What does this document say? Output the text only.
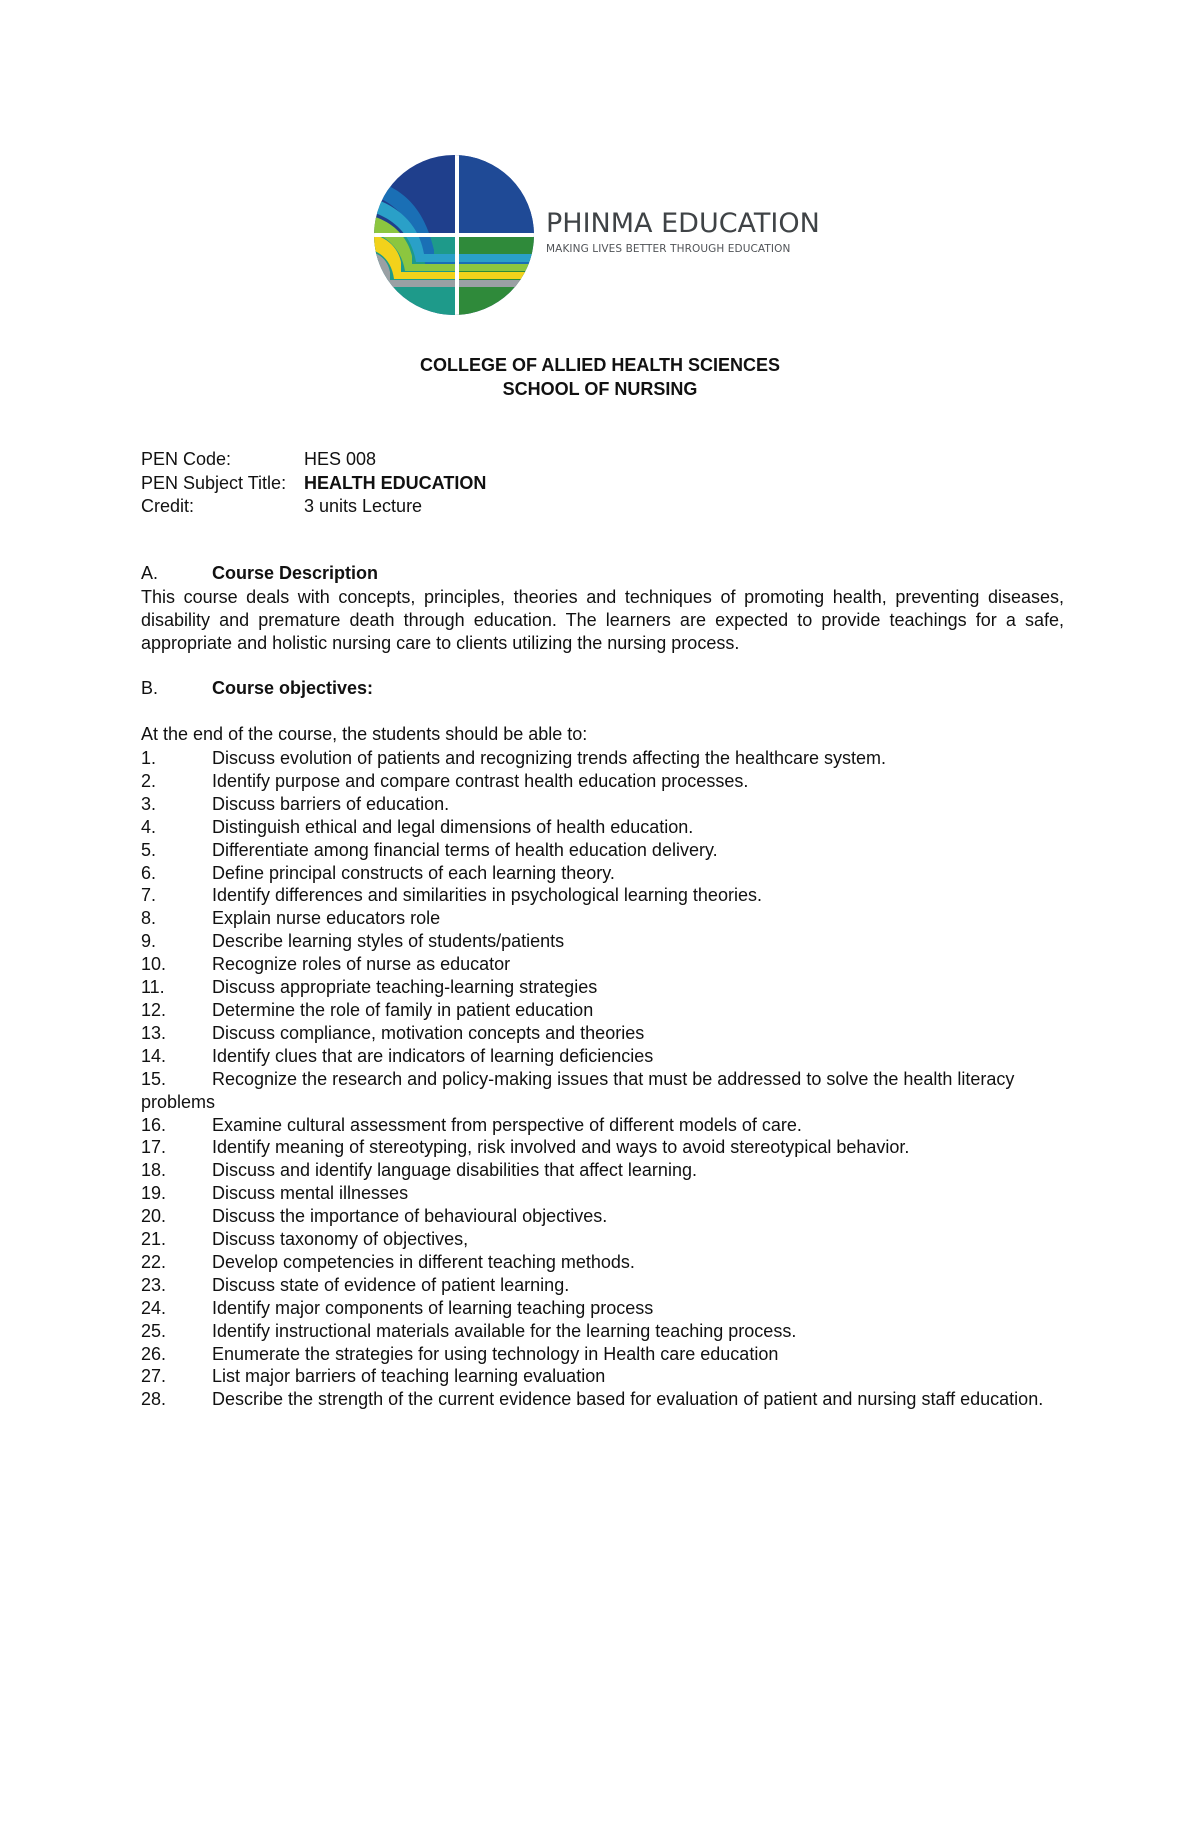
PHINMA EDUCATION
MAKING LIVES BETTER THROUGH EDUCATION
COLLEGE OF ALLIED HEALTH SCIENCES
SCHOOL OF NURSING
PEN Code:	HES 008
PEN Subject Title: HEALTH EDUCATION
Credit:	3 units Lecture
A.	Course Description
This course deals with concepts, principles, theories and techniques of promoting health, preventing diseases, disability and premature death through education. The learners are expected to provide teachings for a safe, appropriate and holistic nursing care to clients utilizing the nursing process.
B.	Course objectives:
At the end of the course, the students should be able to:
1.	Discuss evolution of patients and recognizing trends affecting the healthcare system.
2.	Identify purpose and compare contrast health education processes.
3.	Discuss barriers of education.
4.	Distinguish ethical and legal dimensions of health education.
5.	Differentiate among financial terms of health education delivery.
6.	Define principal constructs of each learning theory.
7.	Identify differences and similarities in psychological learning theories.
8.	Explain nurse educators role
9.	Describe learning styles of students/patients
10.	Recognize roles of nurse as educator
11.	Discuss appropriate teaching-learning strategies
12.	Determine the role of family in patient education
13.	Discuss compliance, motivation concepts and theories
14.	Identify clues that are indicators of learning deficiencies
15.	Recognize the research and policy-making issues that must be addressed to solve the health literacy problems
16.	Examine cultural assessment from perspective of different models of care.
17.	Identify meaning of stereotyping, risk involved and ways to avoid stereotypical behavior.
18.	Discuss and identify language disabilities that affect learning.
19.	Discuss mental illnesses
20.	Discuss the importance of behavioural objectives.
21.	Discuss taxonomy of objectives,
22.	Develop competencies in different teaching methods.
23.	Discuss state of evidence of patient learning.
24.	Identify major components of learning teaching process
25.	Identify instructional materials available for the learning teaching process.
26.	Enumerate the strategies for using technology in Health care education
27.	List major barriers of teaching learning evaluation
28.	Describe the strength of the current evidence based for evaluation of patient and nursing staff education.
